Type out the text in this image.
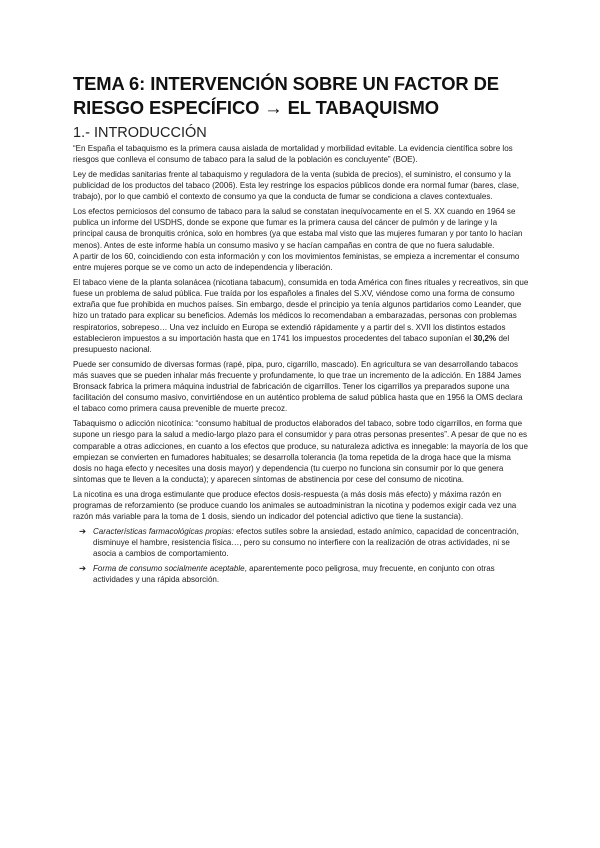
TEMA 6: INTERVENCIÓN SOBRE UN FACTOR DE RIESGO ESPECÍFICO → EL TABAQUISMO
1.- INTRODUCCIÓN

“En España el tabaquismo es la primera causa aislada de mortalidad y morbilidad evitable. La evidencia científica sobre los riesgos que conlleva el consumo de tabaco para la salud de la población es concluyente” (BOE).

Ley de medidas sanitarias frente al tabaquismo y reguladora de la venta (subida de precios), el suministro, el consumo y la publicidad de los productos del tabaco (2006). Esta ley restringe los espacios públicos donde era normal fumar (bares, clase, trabajo), por lo que cambió el contexto de consumo ya que la conducta de fumar se condiciona a claves contextuales.

Los efectos perniciosos del consumo de tabaco para la salud se constatan inequívocamente en el S. XX cuando en 1964 se publica un informe del USDHS, donde se expone que fumar es la primera causa del cáncer de pulmón y de laringe y la principal causa de bronquitis crónica, solo en hombres (ya que estaba mal visto que las mujeres fumaran y por tanto lo hacían menos). Antes de este informe había un consumo masivo y se hacían campañas en contra de que no fuera saludable.

A partir de los 60, coincidiendo con esta información y con los movimientos feministas, se empieza a incrementar el consumo entre mujeres porque se ve como un acto de independencia y liberación.

El tabaco viene de la planta solanácea (nicotiana tabacum), consumida en toda América con fines rituales y recreativos, sin que fuese un problema de salud pública. Fue traída por los españoles a finales del S.XV, viéndose como una forma de consumo extraña que fue prohibida en muchos países. Sin embargo, desde el principio ya tenía algunos partidarios como Leander, que hizo un tratado para explicar su beneficios. Además los médicos lo recomendaban a embarazadas, personas con problemas respiratorios, sobrepeso… Una vez incluido en Europa se extendió rápidamente y a partir del s. XVII los distintos estados establecieron impuestos a su importación hasta que en 1741 los impuestos procedentes del tabaco suponían el 30,2% del presupuesto nacional.

Puede ser consumido de diversas formas (rapé, pipa, puro, cigarrillo, mascado). En agricultura se van desarrollando tabacos más suaves que se pueden inhalar más frecuente y profundamente, lo que trae un incremento de la adicción. En 1884 James Bronsack fabrica la primera máquina industrial de fabricación de cigarrillos. Tener los cigarrillos ya preparados supone una facilitación del consumo masivo, convirtiéndose en un auténtico problema de salud pública hasta que en 1956 la OMS declara el tabaco como primera causa prevenible de muerte precoz.

Tabaquismo o adicción nicotínica: “consumo habitual de productos elaborados del tabaco, sobre todo cigarrillos, en forma que supone un riesgo para la salud a medio-largo plazo para el consumidor y para otras personas presentes”. A pesar de que no es comparable a otras adicciones, en cuanto a los efectos que produce, su naturaleza adictiva es innegable: la mayoría de los que empiezan se convierten en fumadores habituales; se desarrolla tolerancia (la toma repetida de la droga hace que la misma dosis no haga efecto y necesites una dosis mayor) y dependencia (tu cuerpo no funciona sin consumir por lo que genera síntomas que te lleven a la conducta); y aparecen síntomas de abstinencia por cese del consumo de nicotina.

La nicotina es una droga estimulante que produce efectos dosis-respuesta (a más dosis más efecto) y máxima razón en programas de reforzamiento (se produce cuando los animales se autoadministran la nicotina y podemos exigir cada vez una razón más variable para la toma de 1 dosis, siendo un indicador del potencial adictivo que tiene la sustancia).

➔ Características farmacológicas propias: efectos sutiles sobre la ansiedad, estado anímico, capacidad de concentración, disminuye el hambre, resistencia física…, pero su consumo no interfiere con la realización de otras actividades, ni se asocia a cambios de comportamiento.
➔ Forma de consumo socialmente aceptable, aparentemente poco peligrosa, muy frecuente, en conjunto con otras actividades y una rápida absorción.
